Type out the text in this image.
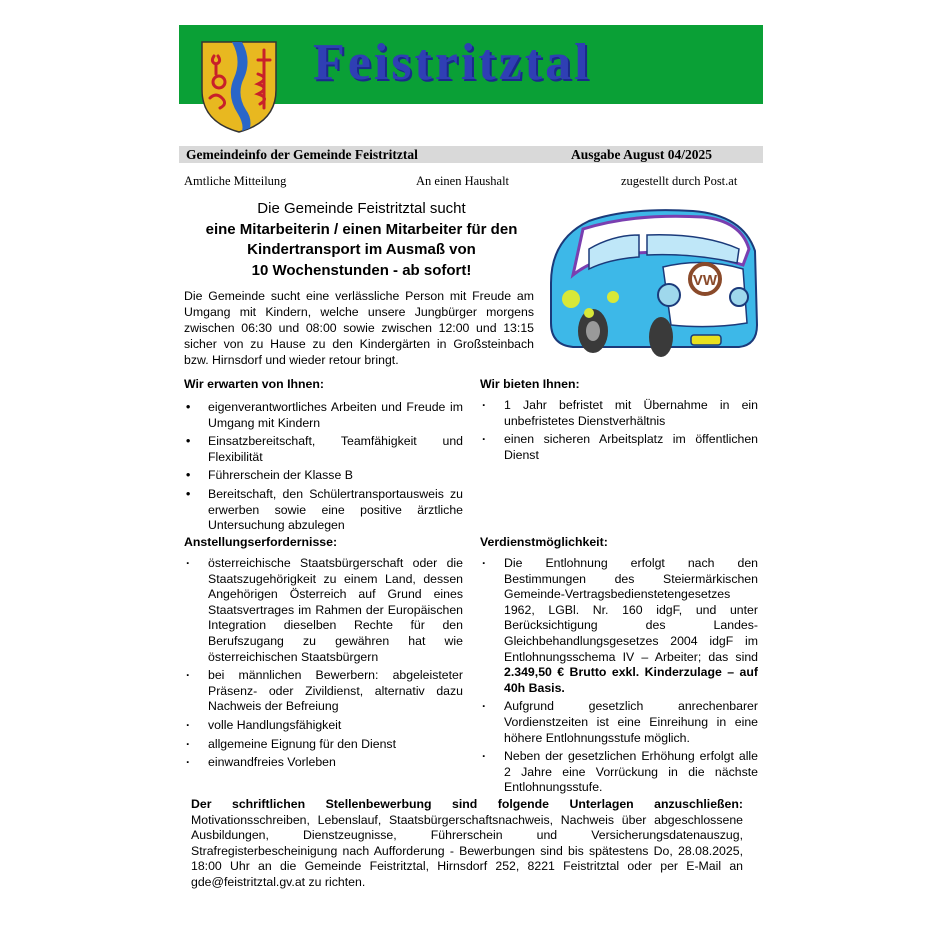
Feistritztal
Gemeindeinfo der Gemeinde Feistritztal	Ausgabe August 04/2025
Amtliche Mitteilung	An einen Haushalt	zugestellt durch Post.at
Die Gemeinde Feistritztal sucht
eine Mitarbeiterin / einen Mitarbeiter für den
Kindertransport im Ausmaß von
10 Wochenstunden - ab sofort!
VW
Die Gemeinde sucht eine verlässliche Person mit Freude am Umgang mit Kindern, welche unsere Jungbürger morgens zwischen 06:30 und 08:00 sowie zwischen 12:00 und 13:15 sicher von zu Hause zu den Kindergärten in Großsteinbach bzw. Hirnsdorf und wieder retour bringt.
Wir erwarten von Ihnen:
• eigenverantwortliches Arbeiten und Freude im Umgang mit Kindern
• Einsatzbereitschaft, Teamfähigkeit und Flexibilität
• Führerschein der Klasse B
• Bereitschaft, den Schülertransportausweis zu erwerben sowie eine positive ärztliche Untersuchung abzulegen
Wir bieten Ihnen:
· 1 Jahr befristet mit Übernahme in ein unbefristetes Dienstverhältnis
· einen sicheren Arbeitsplatz im öffentlichen Dienst
Anstellungserfordernisse:
· österreichische Staatsbürgerschaft oder die Staatszugehörigkeit zu einem Land, dessen Angehörigen Österreich auf Grund eines Staatsvertrages im Rahmen der Europäischen Integration dieselben Rechte für den Berufszugang zu gewähren hat wie österreichischen Staatsbürgern
· bei männlichen Bewerbern: abgeleisteter Präsenz- oder Zivildienst, alternativ dazu Nachweis der Befreiung
· volle Handlungsfähigkeit
· allgemeine Eignung für den Dienst
· einwandfreies Vorleben
Verdienstmöglichkeit:
· Die Entlohnung erfolgt nach den Bestimmungen des Steiermärkischen Gemeinde-Vertragsbedienstetengesetzes 1962, LGBl. Nr. 160 idgF, und unter Berücksichtigung des Landes-Gleichbehandlungsgesetzes 2004 idgF im Entlohnungsschema IV – Arbeiter; das sind 2.349,50 € Brutto exkl. Kinderzulage – auf 40h Basis.
· Aufgrund gesetzlich anrechenbarer Vordienstzeiten ist eine Einreihung in eine höhere Entlohnungsstufe möglich.
· Neben der gesetzlichen Erhöhung erfolgt alle 2 Jahre eine Vorrückung in die nächste Entlohnungsstufe.
Der schriftlichen Stellenbewerbung sind folgende Unterlagen anzuschließen: Motivationsschreiben, Lebenslauf, Staatsbürgerschaftsnachweis, Nachweis über abgeschlossene Ausbildungen, Dienstzeugnisse, Führerschein und Versicherungsdatenauszug, Strafregisterbescheinigung nach Aufforderung - Bewerbungen sind bis spätestens Do, 28.08.2025, 18:00 Uhr an die Gemeinde Feistritztal, Hirnsdorf 252, 8221 Feistritztal oder per E-Mail an gde@feistritztal.gv.at zu richten.
